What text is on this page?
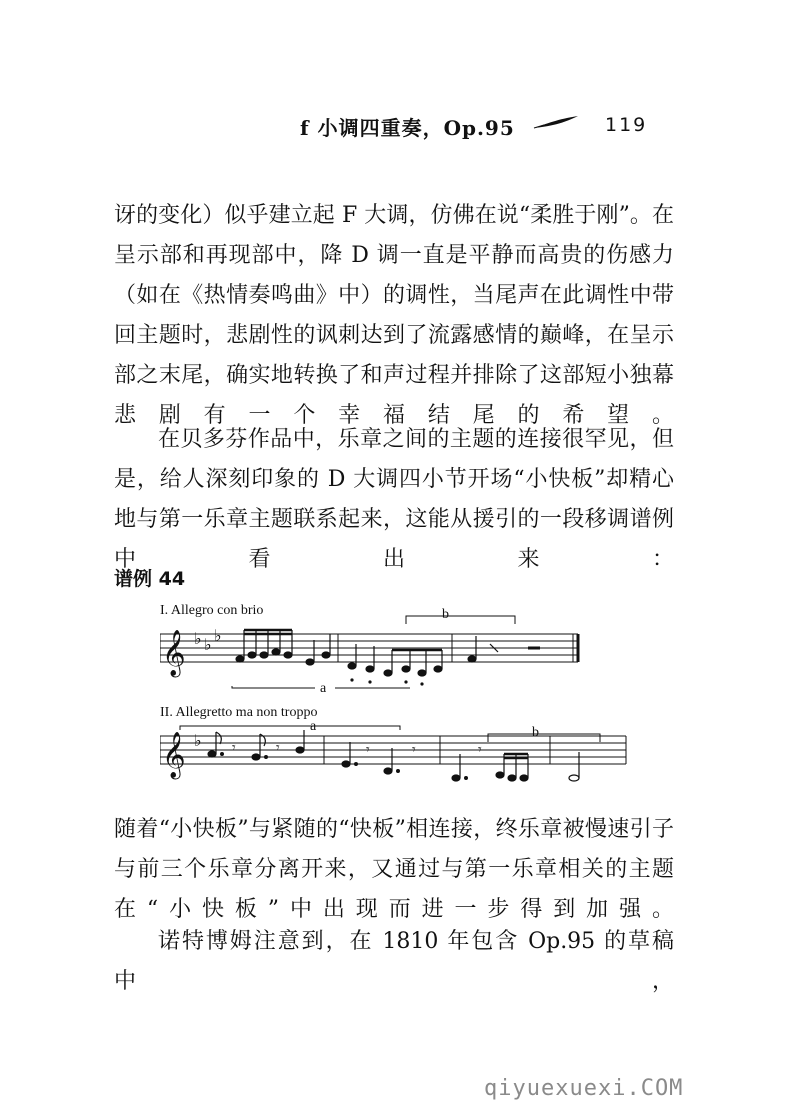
f 小调四重奏，Op.95	119

讶的变化）似乎建立起 F 大调，仿佛在说“柔胜于刚”。在呈示部和再现部中，降 D 调一直是平静而高贵的伤感力（如在《热情奏鸣曲》中）的调性，当尾声在此调性中带回主题时，悲剧性的讽刺达到了流露感情的巅峰，在呈示部之末尾，确实地转换了和声过程并排除了这部短小独幕悲剧有一个幸福结尾的希望。

在贝多芬作品中，乐章之间的主题的连接很罕见，但是，给人深刻印象的 D 大调四小节开场“小快板”却精心地与第一乐章主题联系起来，这能从援引的一段移调谱例中看出来：

谱例 44
I. Allegro con brio
𝄞 ♭ ♭ ♭
b
a
II. Allegretto ma non troppo
𝄞 ♭ 𝄾	𝄾	𝄾	𝄾	𝄾
a	b

随着“小快板”与紧随的“快板”相连接，终乐章被慢速引子与前三个乐章分离开来，又通过与第一乐章相关的主题在“小快板”中出现而进一步得到加强。

诺特博姆注意到，在 1810 年包含 Op.95 的草稿中，

qiyuexuexi.COM
